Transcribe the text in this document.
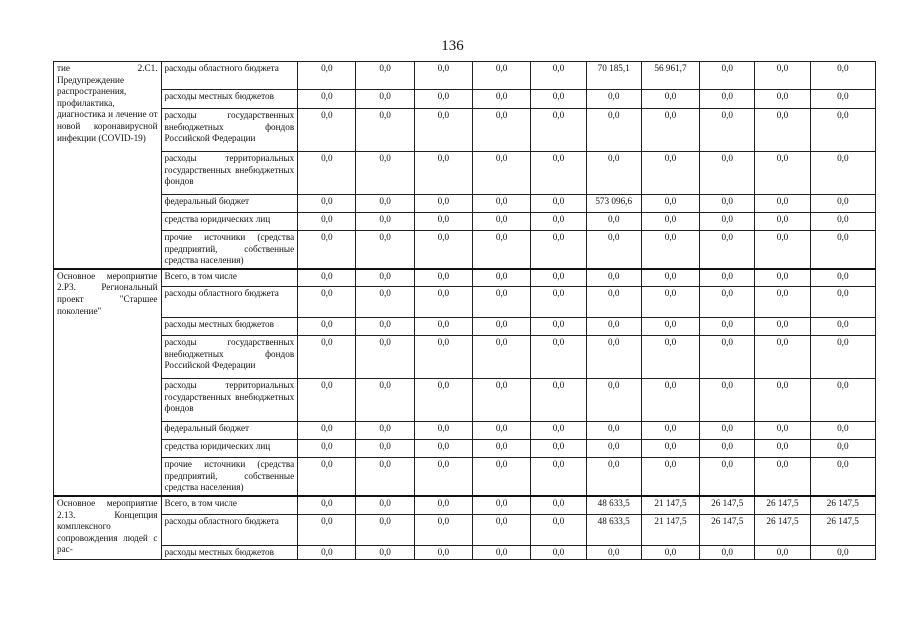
136
тие 2.С1. Предупреждение распространения, профилактика, диагностика и лечение от новой коронавирусной инфекции (COVID-19)	расходы областного бюджета	0,0	0,0	0,0	0,0	0,0	70 185,1	56 961,7	0,0	0,0	0,0
	расходы местных бюджетов	0,0	0,0	0,0	0,0	0,0	0,0	0,0	0,0	0,0	0,0
	расходы государственных внебюджетных фондов Российской Федерации	0,0	0,0	0,0	0,0	0,0	0,0	0,0	0,0	0,0	0,0
	расходы территориальных государственных внебюджетных фондов	0,0	0,0	0,0	0,0	0,0	0,0	0,0	0,0	0,0	0,0
	федеральный бюджет	0,0	0,0	0,0	0,0	0,0	573 096,6	0,0	0,0	0,0	0,0
	средства юридических лиц	0,0	0,0	0,0	0,0	0,0	0,0	0,0	0,0	0,0	0,0
	прочие источники (средства предприятий, собственные средства населения)	0,0	0,0	0,0	0,0	0,0	0,0	0,0	0,0	0,0	0,0
Основное мероприятие 2.Р3. Региональный проект "Старшее поколение"	Всего, в том числе	0,0	0,0	0,0	0,0	0,0	0,0	0,0	0,0	0,0	0,0
	расходы областного бюджета	0,0	0,0	0,0	0,0	0,0	0,0	0,0	0,0	0,0	0,0
	расходы местных бюджетов	0,0	0,0	0,0	0,0	0,0	0,0	0,0	0,0	0,0	0,0
	расходы государственных внебюджетных фондов Российской Федерации	0,0	0,0	0,0	0,0	0,0	0,0	0,0	0,0	0,0	0,0
	расходы территориальных государственных внебюджетных фондов	0,0	0,0	0,0	0,0	0,0	0,0	0,0	0,0	0,0	0,0
	федеральный бюджет	0,0	0,0	0,0	0,0	0,0	0,0	0,0	0,0	0,0	0,0
	средства юридических лиц	0,0	0,0	0,0	0,0	0,0	0,0	0,0	0,0	0,0	0,0
	прочие источники (средства предприятий, собственные средства населения)	0,0	0,0	0,0	0,0	0,0	0,0	0,0	0,0	0,0	0,0
Основное мероприятие 2.13. Концепция комплексного сопровождения людей с рас-	Всего, в том числе	0,0	0,0	0,0	0,0	0,0	48 633,5	21 147,5	26 147,5	26 147,5	26 147,5
	расходы областного бюджета	0,0	0,0	0,0	0,0	0,0	48 633,5	21 147,5	26 147,5	26 147,5	26 147,5
	расходы местных бюджетов	0,0	0,0	0,0	0,0	0,0	0,0	0,0	0,0	0,0	0,0
